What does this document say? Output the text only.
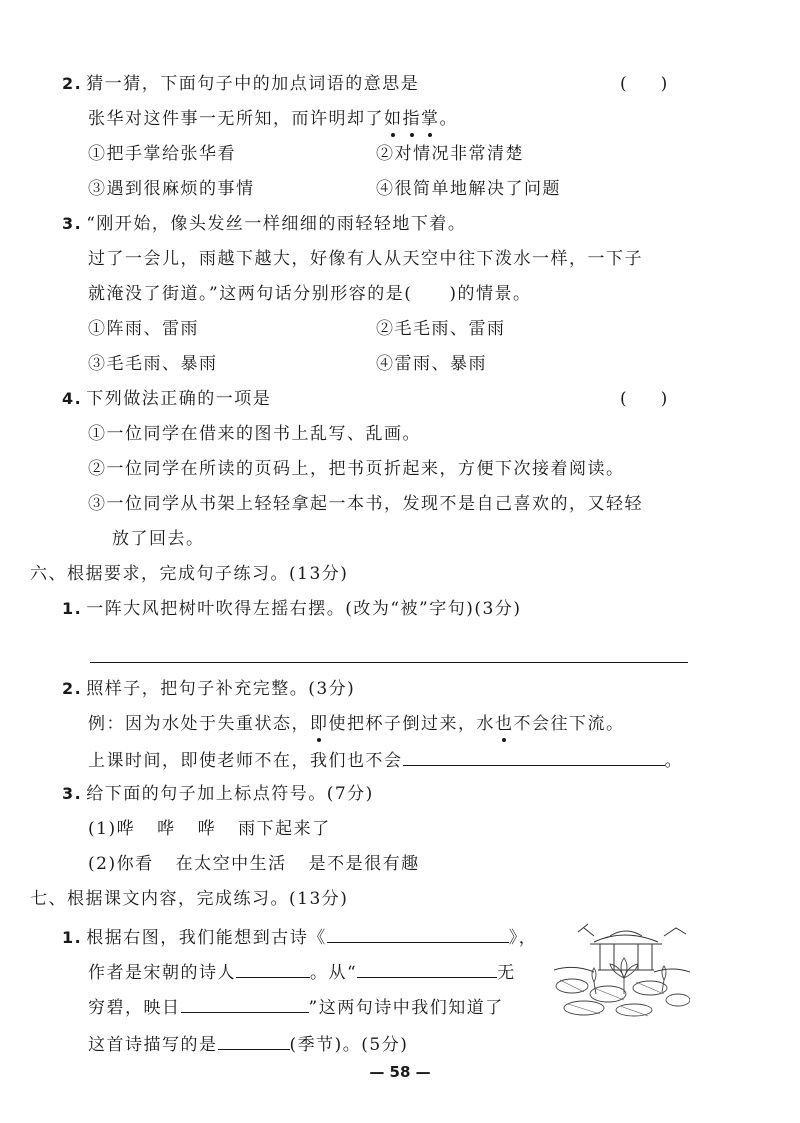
2. 猜一猜，下面句子中的加点词语的意思是	(　　)
张华对这件事一无所知，而许明却了如指掌。
①把手掌给张华看	②对情况非常清楚
③遇到很麻烦的事情	④很简单地解决了问题
3. “刚开始，像头发丝一样细细的雨轻轻地下着。
过了一会儿，雨越下越大，好像有人从天空中往下泼水一样，一下子
就淹没了街道。”这两句话分别形容的是(　　)的情景。
①阵雨、雷雨	②毛毛雨、雷雨
③毛毛雨、暴雨	④雷雨、暴雨
4. 下列做法正确的一项是	(　　)
①一位同学在借来的图书上乱写、乱画。
②一位同学在所读的页码上，把书页折起来，方便下次接着阅读。
③一位同学从书架上轻轻拿起一本书，发现不是自己喜欢的，又轻轻
放了回去。
六、根据要求，完成句子练习。(13分)
1. 一阵大风把树叶吹得左摇右摆。(改为“被”字句)(3分)
2. 照样子，把句子补充完整。(3分)
例：因为水处于失重状态，即使把杯子倒过来，水也不会往下流。
上课时间，即使老师不在，我们也不会	。
3. 给下面的句子加上标点符号。(7分)
(1)哗 哗 哗 雨下起来了
(2)你看 在太空中生活 是不是很有趣
七、根据课文内容，完成练习。(13分)
1. 根据右图，我们能想到古诗《	》，
作者是宋朝的诗人	。从“	无
穷碧，映日	”这两句诗中我们知道了
这首诗描写的是	(季节)。(5分)
— 58 —
